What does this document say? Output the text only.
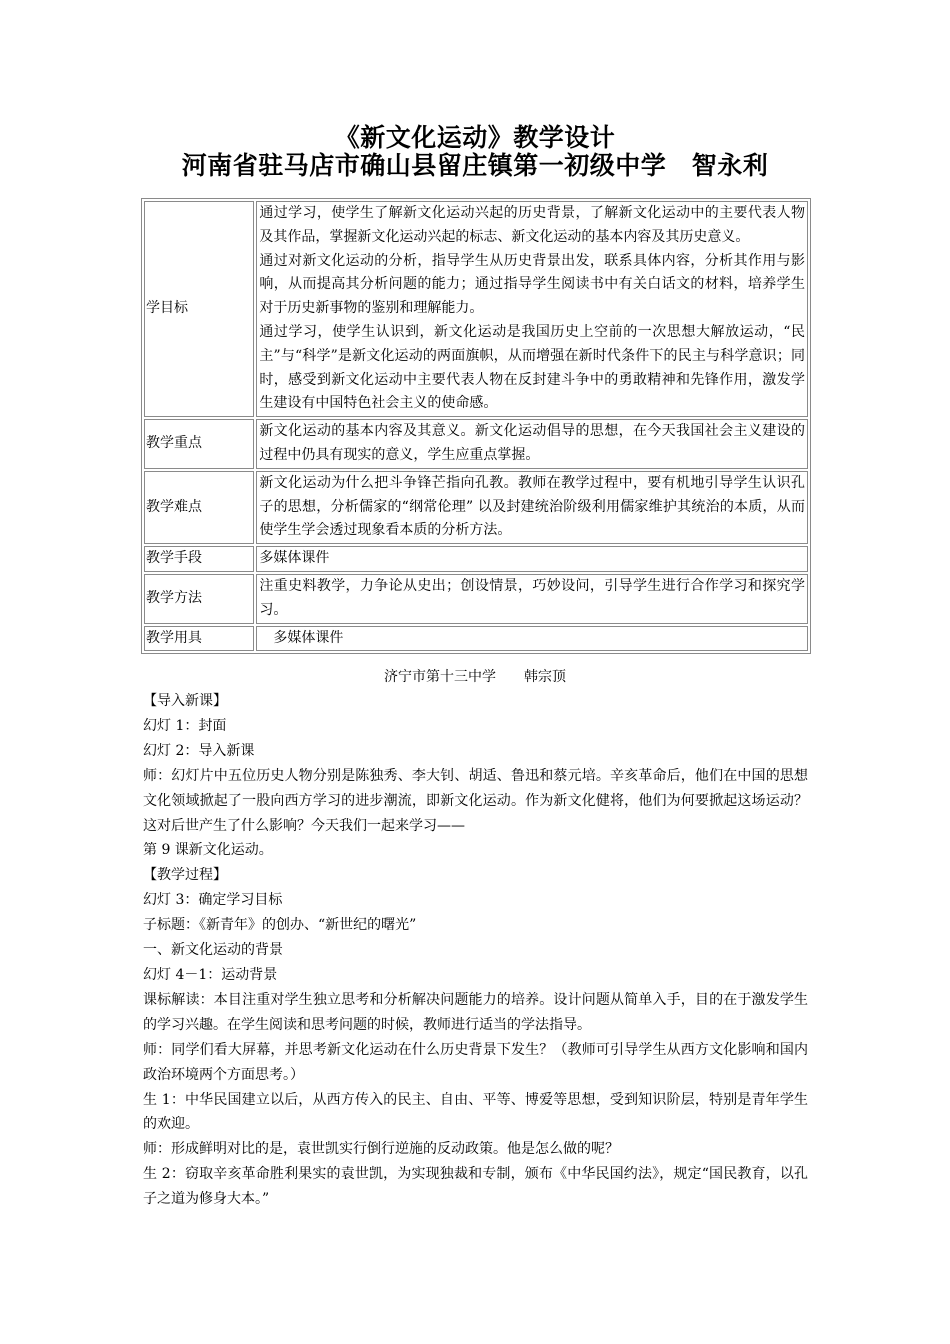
《新文化运动》教学设计
河南省驻马店市确山县留庄镇第一初级中学　智永利
学目标	通过学习，使学生了解新文化运动兴起的历史背景，了解新文化运动中的主要代表人物及其作品，掌握新文化运动兴起的标志、新文化运动的基本内容及其历史意义。

通过对新文化运动的分析，指导学生从历史背景出发，联系具体内容，分析其作用与影响，从而提高其分析问题的能力；通过指导学生阅读书中有关白话文的材料，培养学生对于历史新事物的鉴别和理解能力。

通过学习，使学生认识到，新文化运动是我国历史上空前的一次思想大解放运动，“民主”与“科学”是新文化运动的两面旗帜，从而增强在新时代条件下的民主与科学意识；同时，感受到新文化运动中主要代表人物在反封建斗争中的勇敢精神和先锋作用，激发学生建设有中国特色社会主义的使命感。

教学重点	新文化运动的基本内容及其意义。新文化运动倡导的思想，在今天我国社会主义建设的过程中仍具有现实的意义，学生应重点掌握。

教学难点	新文化运动为什么把斗争锋芒指向孔教。教师在教学过程中，要有机地引导学生认识孔子的思想，分析儒家的“纲常伦理” 以及封建统治阶级利用儒家维护其统治的本质，从而使学生学会透过现象看本质的分析方法。

教学手段	多媒体课件

教学方法	注重史料教学，力争论从史出；创设情景，巧妙设问，引导学生进行合作学习和探究学习。

教学用具	　多媒体课件

济宁市第十三中学　　韩宗顶

【导入新课】

幻灯 1：封面

幻灯 2：导入新课

师：幻灯片中五位历史人物分别是陈独秀、李大钊、胡适、鲁迅和蔡元培。辛亥革命后，他们在中国的思想文化领域掀起了一股向西方学习的进步潮流，即新文化运动。作为新文化健将，他们为何要掀起这场运动？这对后世产生了什么影响？今天我们一起来学习——

第 9 课新文化运动。

【教学过程】

幻灯 3：确定学习目标

子标题：《新青年》的创办、“新世纪的曙光”

一、新文化运动的背景

幻灯 4－1：运动背景

课标解读：本目注重对学生独立思考和分析解决问题能力的培养。设计问题从简单入手，目的在于激发学生的学习兴趣。在学生阅读和思考问题的时候，教师进行适当的学法指导。

师：同学们看大屏幕，并思考新文化运动在什么历史背景下发生？（教师可引导学生从西方文化影响和国内政治环境两个方面思考。）

生 1：中华民国建立以后，从西方传入的民主、自由、平等、博爱等思想，受到知识阶层，特别是青年学生的欢迎。

师：形成鲜明对比的是，袁世凯实行倒行逆施的反动政策。他是怎么做的呢？

生 2：窃取辛亥革命胜利果实的袁世凯，为实现独裁和专制，颁布《中华民国约法》，规定“国民教育，以孔子之道为修身大本。”
